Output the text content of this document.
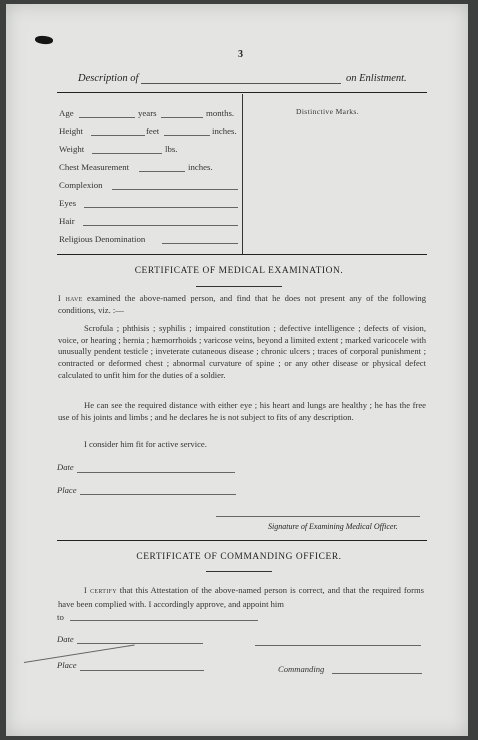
3
Description of	on Enlistment.
Age	years	months.
Height	feet	inches.
Weight	lbs.
Chest Measurement	inches.
Complexion
Eyes
Hair
Religious Denomination
Distinctive Marks.
CERTIFICATE OF MEDICAL EXAMINATION.
I have examined the above-named person, and find that he does not present any of the following conditions, viz. :—
Scrofula ; phthisis ; syphilis ; impaired constitution ; defective intelligence ; defects of vision, voice, or hearing ; hernia ; hæmorrhoids ; varicose veins, beyond a limited extent ; marked varicocele with unusually pendent testicle ; inveterate cutaneous disease ; chronic ulcers ; traces of corporal punishment ; contracted or deformed chest ; abnormal curvature of spine ; or any other disease or physical defect calculated to unfit him for the duties of a soldier.
He can see the required distance with either eye ; his heart and lungs are healthy ; he has the free use of his joints and limbs ; and he declares he is not subject to fits of any description.
I consider him fit for active service.
Date
Place
Signature of Examining Medical Officer.
CERTIFICATE OF COMMANDING OFFICER.
I certify that this Attestation of the above-named person is correct, and that the required forms have been complied with. I accordingly approve, and appoint him
to
Date
Place	Commanding
